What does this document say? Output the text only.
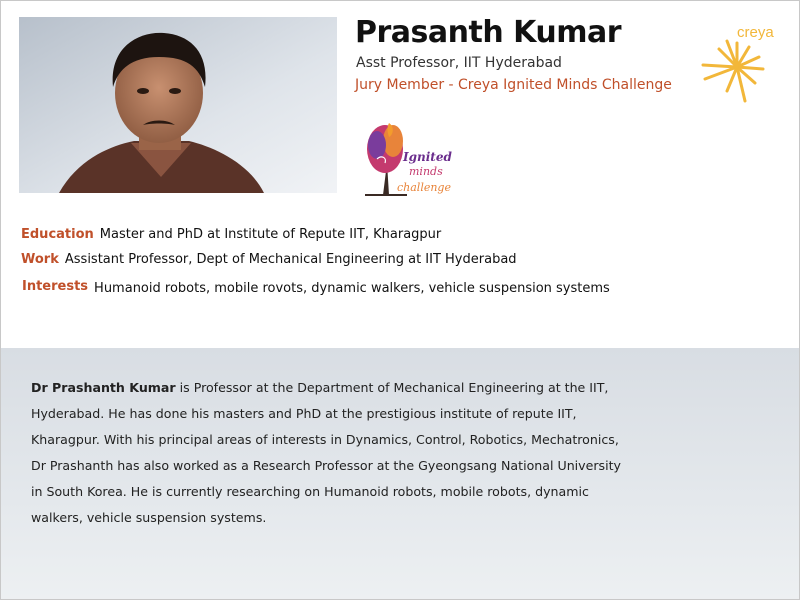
Prasanth Kumar
Asst Professor, IIT Hyderabad
Jury Member - Creya Ignited Minds Challenge
creya
Ignited
minds
challenge
Education Master and PhD at Institute of Repute IIT, Kharagpur
Work Assistant Professor, Dept of Mechanical Engineering at IIT Hyderabad
Interests Humanoid robots, mobile rovots, dynamic walkers, vehicle suspension systems
Dr Prashanth Kumar is Professor at the Department of Mechanical Engineering at the IIT, Hyderabad. He has done his masters and PhD at the prestigious institute of repute IIT, Kharagpur. With his principal areas of interests in Dynamics, Control, Robotics, Mechatronics, Dr Prashanth has also worked as a Research Professor at the Gyeongsang National University in South Korea. He is currently researching on Humanoid robots, mobile robots, dynamic walkers, vehicle suspension systems.
